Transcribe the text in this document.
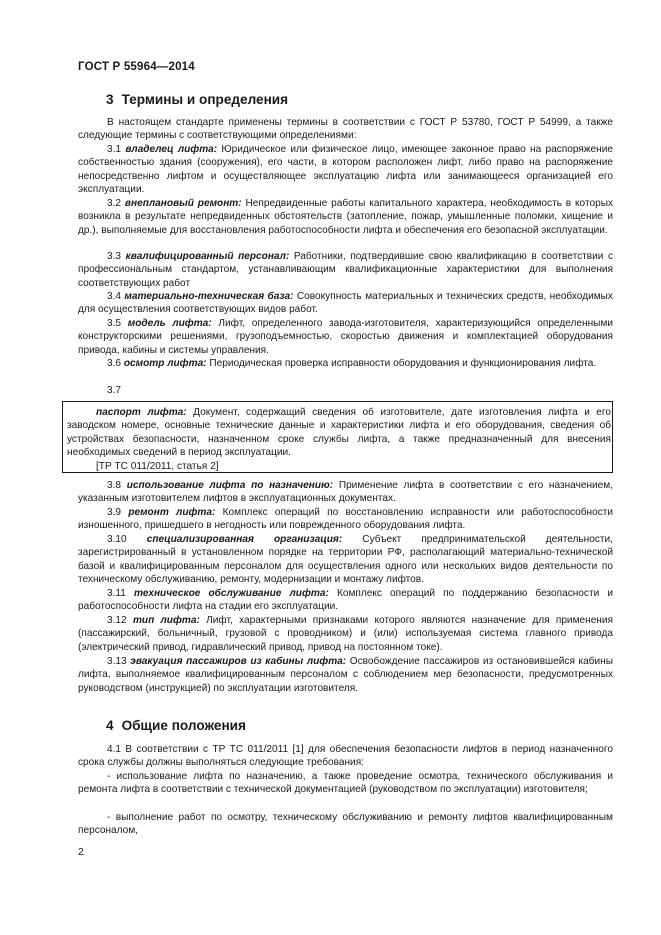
ГОСТ Р 55964—2014
3 Термины и определения
В настоящем стандарте применены термины в соответствии с ГОСТ Р 53780, ГОСТ Р 54999, а также следующие термины с соответствующими определениями:
3.1 владелец лифта: Юридическое или физическое лицо, имеющее законное право на распоряжение собственностью здания (сооружения), его части, в котором расположен лифт, либо право на распоряжение непосредственно лифтом и осуществляющее эксплуатацию лифта или занимающееся организацией его эксплуатации.
3.2 внеплановый ремонт: Непредвиденные работы капитального характера, необходимость в которых возникла в результате непредвиденных обстоятельств (затопление, пожар, умышленные поломки, хищение и др.), выполняемые для восстановления работоспособности лифта и обеспечения его безопасной эксплуатации.
3.3 квалифицированный персонал: Работники, подтвердившие свою квалификацию в соответствии с профессиональным стандартом, устанавливающим квалификационные характеристики для выполнения соответствующих работ
3.4 материально-техническая база: Совокупность материальных и технических средств, необходимых для осуществления соответствующих видов работ.
3.5 модель лифта: Лифт, определенного завода-изготовителя, характеризующийся определенными конструкторскими решениями, грузоподъемностью, скоростью движения и комплектацией оборудования привода, кабины и системы управления.
3.6 осмотр лифта: Периодическая проверка исправности оборудования и функционирования лифта.
3.7
паспорт лифта: Документ, содержащий сведения об изготовителе, дате изготовления лифта и его заводском номере, основные технические данные и характеристики лифта и его оборудования, сведения об устройствах безопасности, назначенном сроке службы лифта, а также предназначенный для внесения необходимых сведений в период эксплуатации.
[ТР ТС 011/2011, статья 2]
3.8 использование лифта по назначению: Применение лифта в соответствии с его назначением, указанным изготовителем лифтов в эксплуатационных документах.
3.9 ремонт лифта: Комплекс операций по восстановлению исправности или работоспособности изношенного, пришедшего в негодность или поврежденного оборудования лифта.
3.10 специализированная организация: Субъект предпринимательской деятельности, зарегистрированный в установленном порядке на территории РФ, располагающий материально-технической базой и квалифицированным персоналом для осуществления одного или нескольких видов деятельности по техническому обслуживанию, ремонту, модернизации и монтажу лифтов.
3.11 техническое обслуживание лифта: Комплекс операций по поддержанию безопасности и работоспособности лифта на стадии его эксплуатации.
3.12 тип лифта: Лифт, характерными признаками которого являются назначение для применения (пассажирский, больничный, грузовой с проводником) и (или) используемая система главного привода (электрический привод, гидравлический привод, привод на постоянном токе).
3.13 эвакуация пассажиров из кабины лифта: Освобождение пассажиров из остановившейся кабины лифта, выполняемое квалифицированным персоналом с соблюдением мер безопасности, предусмотренных руководством (инструкцией) по эксплуатации изготовителя.
4 Общие положения
4.1 В соответствии с ТР ТС 011/2011 [1] для обеспечения безопасности лифтов в период назначенного срока службы должны выполняться следующие требования:
- использование лифта по назначению, а также проведение осмотра, технического обслуживания и ремонта лифта в соответствии с технической документацией (руководством по эксплуатации) изготовителя;
- выполнение работ по осмотру, техническому обслуживанию и ремонту лифтов квалифицированным персоналом,
2
